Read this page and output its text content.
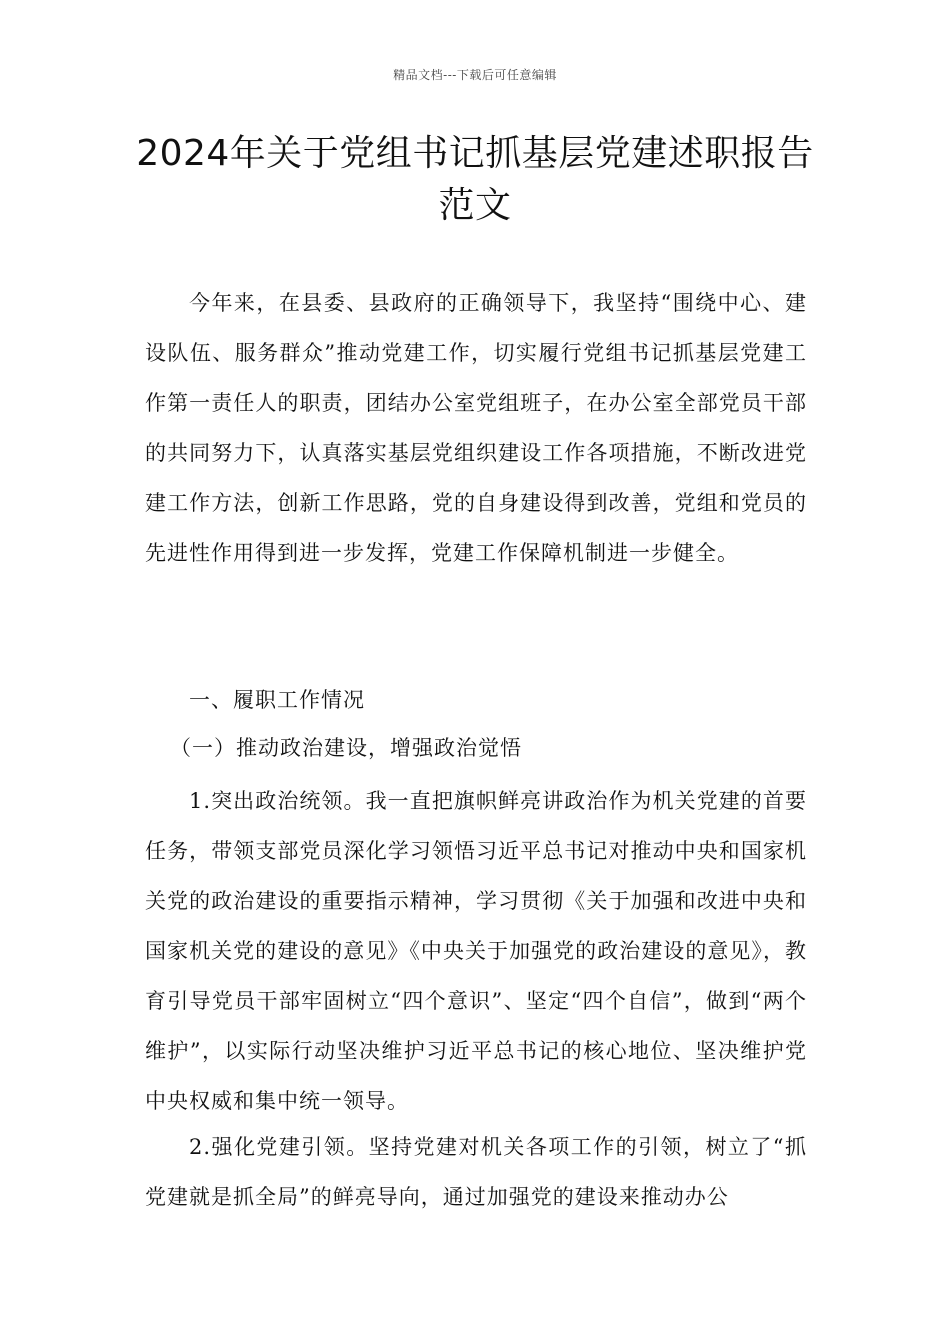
精品文档---下载后可任意编辑
2024年关于党组书记抓基层党建述职报告范文

今年来，在县委、县政府的正确领导下，我坚持“围绕中心、建设队伍、服务群众”推动党建工作，切实履行党组书记抓基层党建工作第一责任人的职责，团结办公室党组班子，在办公室全部党员干部的共同努力下，认真落实基层党组织建设工作各项措施，不断改进党建工作方法，创新工作思路，党的自身建设得到改善，党组和党员的先进性作用得到进一步发挥，党建工作保障机制进一步健全。

一、履职工作情况

（一）推动政治建设，增强政治觉悟

1.突出政治统领。我一直把旗帜鲜亮讲政治作为机关党建的首要任务，带领支部党员深化学习领悟习近平总书记对推动中央和国家机关党的政治建设的重要指示精神，学习贯彻《关于加强和改进中央和国家机关党的建设的意见》《中央关于加强党的政治建设的意见》，教育引导党员干部牢固树立“四个意识”、坚定“四个自信”，做到“两个维护”，以实际行动坚决维护习近平总书记的核心地位、坚决维护党中央权威和集中统一领导。

2.强化党建引领。坚持党建对机关各项工作的引领，树立了“抓党建就是抓全局”的鲜亮导向，通过加强党的建设来推动办公
